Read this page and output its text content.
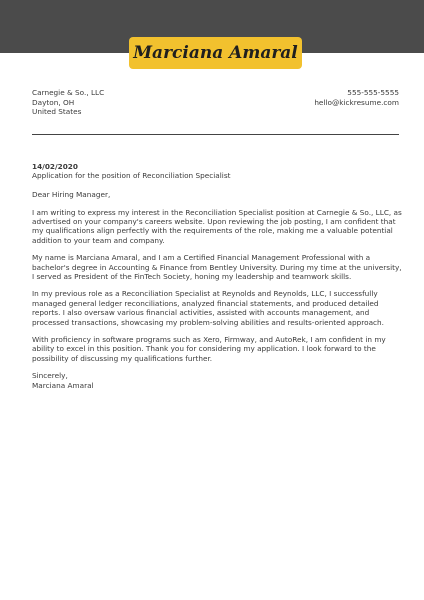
Marciana Amaral
Carnegie & So., LLC
Dayton, OH
United States
555-555-5555
hello@kickresume.com
14/02/2020
Application for the position of Reconciliation Specialist

Dear Hiring Manager,

I am writing to express my interest in the Reconciliation Specialist position at Carnegie & So., LLC, as advertised on your company's careers website. Upon reviewing the job posting, I am confident that my qualifications align perfectly with the requirements of the role, making me a valuable potential addition to your team and company.

My name is Marciana Amaral, and I am a Certified Financial Management Professional with a bachelor's degree in Accounting & Finance from Bentley University. During my time at the university, I served as President of the FinTech Society, honing my leadership and teamwork skills.

In my previous role as a Reconciliation Specialist at Reynolds and Reynolds, LLC, I successfully managed general ledger reconciliations, analyzed financial statements, and produced detailed reports. I also oversaw various financial activities, assisted with accounts management, and processed transactions, showcasing my problem-solving abilities and results-oriented approach.

With proficiency in software programs such as Xero, Firmway, and AutoRek, I am confident in my ability to excel in this position. Thank you for considering my application. I look forward to the possibility of discussing my qualifications further.

Sincerely,
Marciana Amaral
